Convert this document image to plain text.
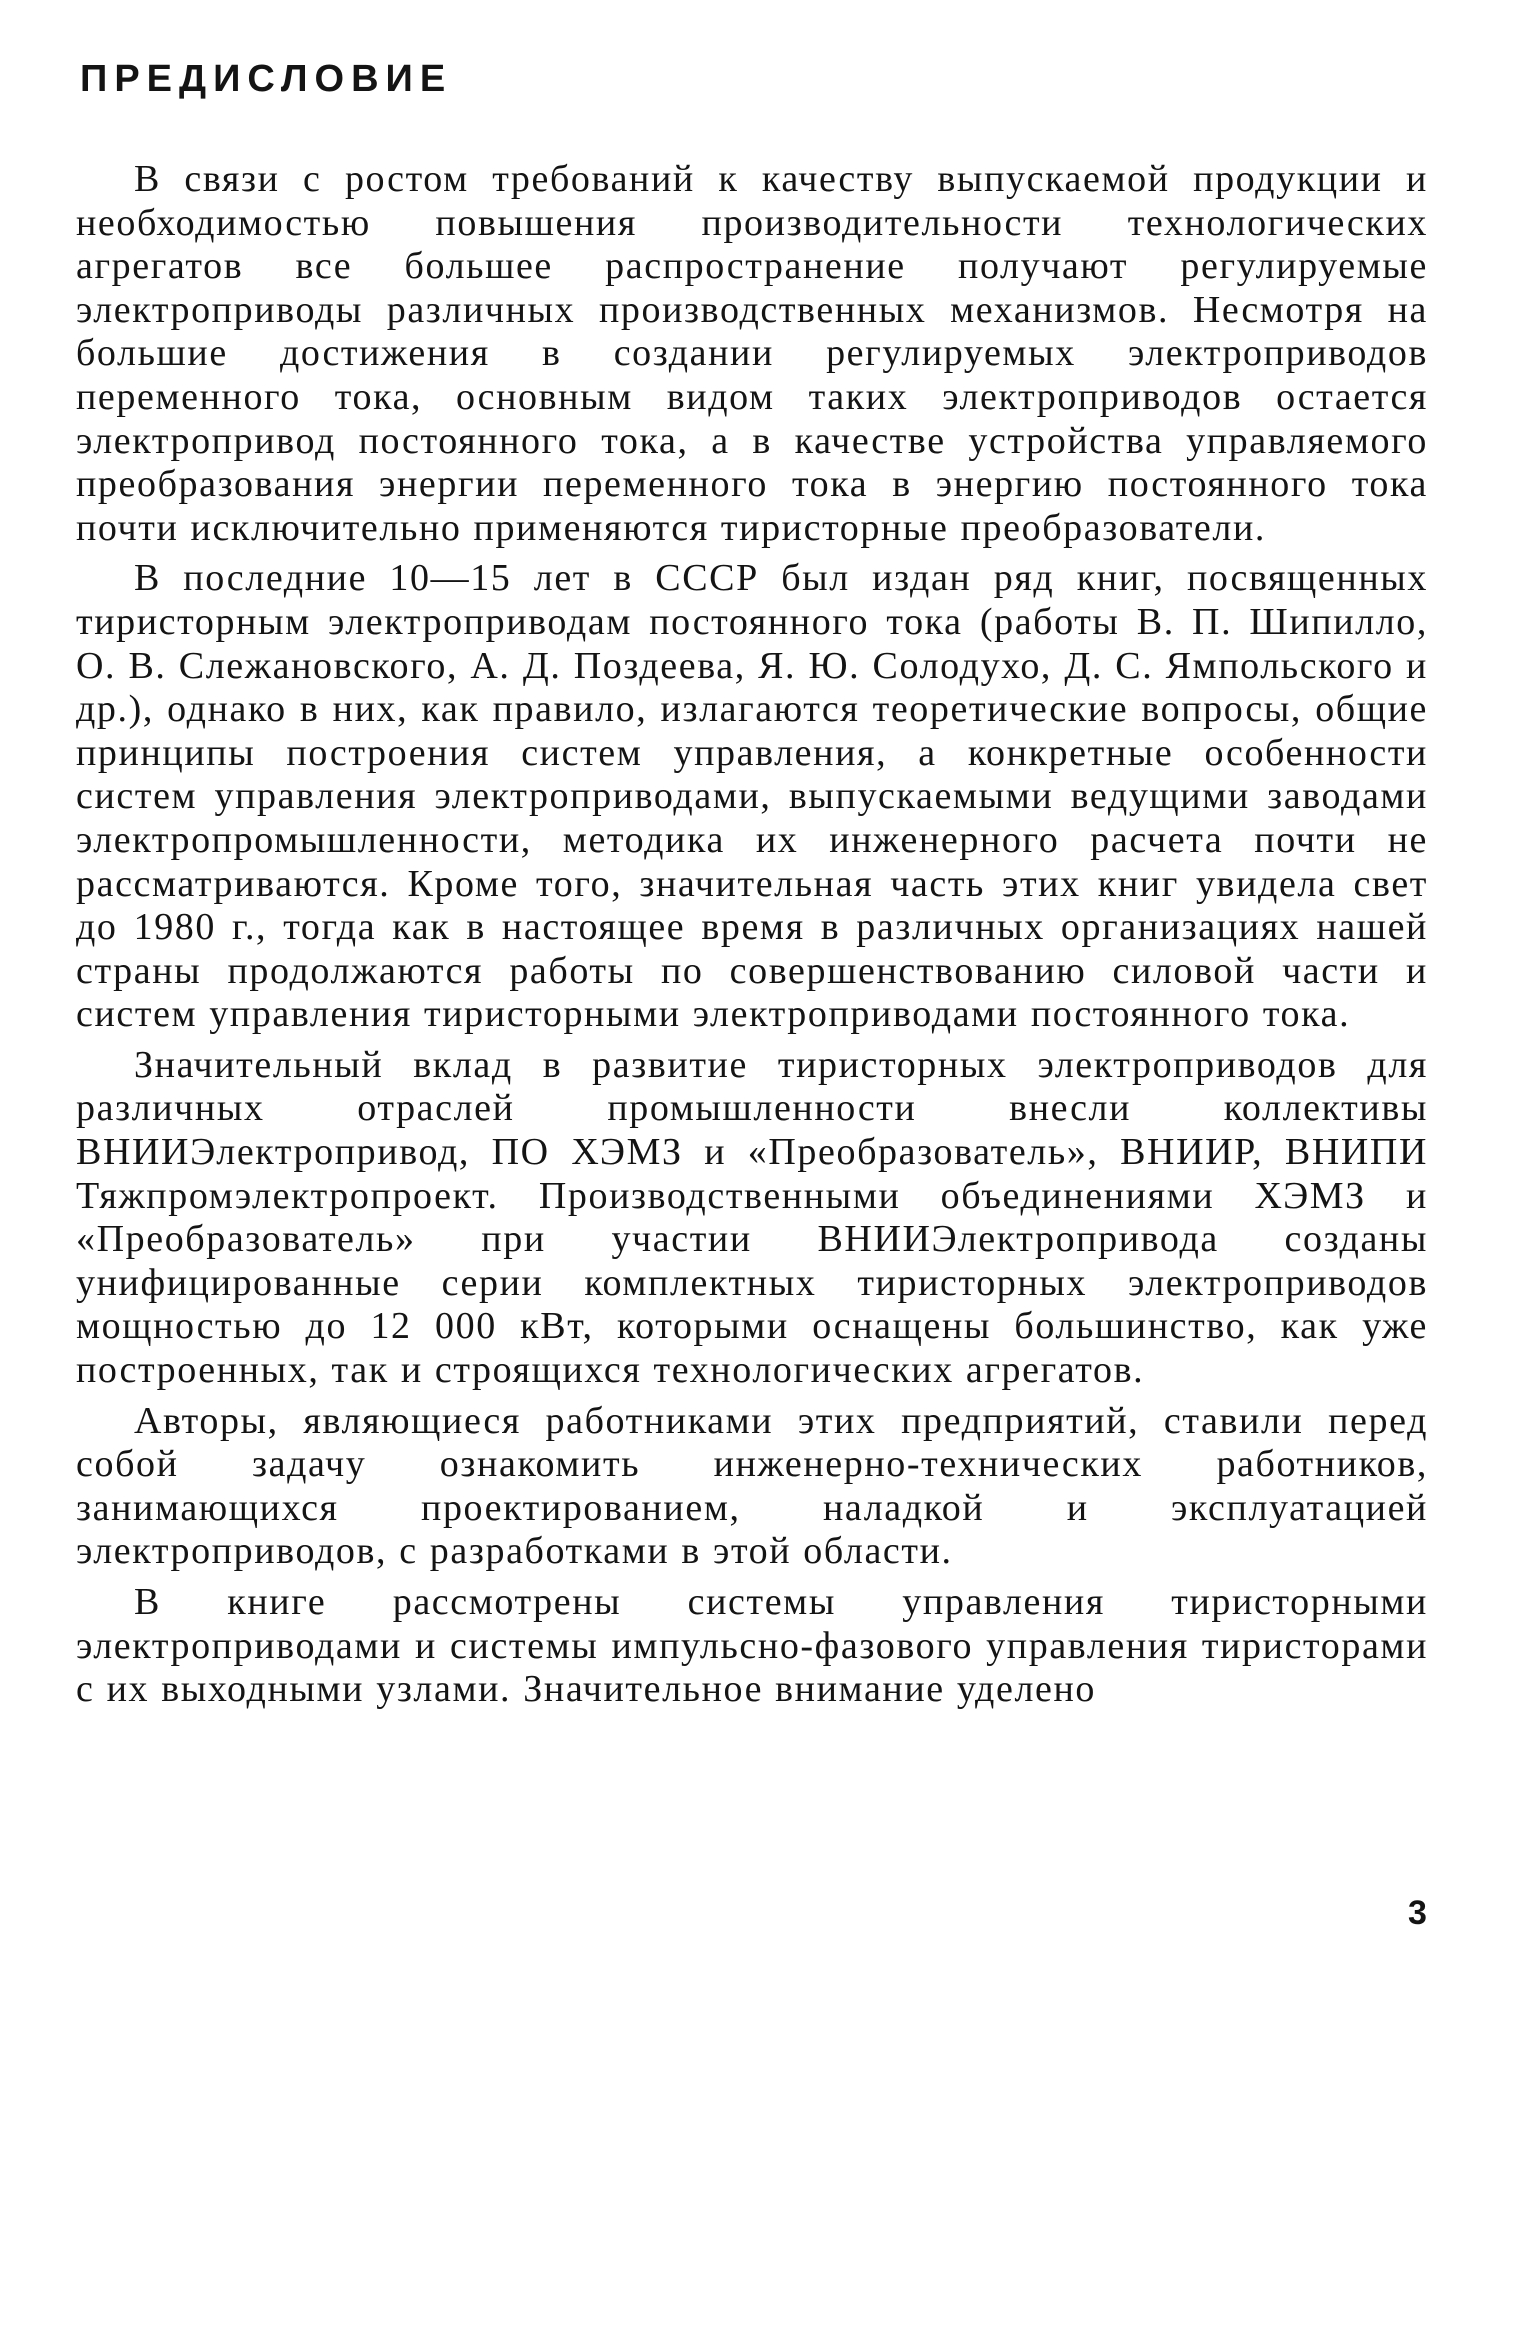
ПРЕДИСЛОВИЕ

В связи с ростом требований к качеству выпускаемой продукции и необходимостью повышения производительности технологических агрегатов все большее распространение получают регулируемые электроприводы различных производственных механизмов. Несмотря на большие достижения в создании регулируемых электроприводов переменного тока, основным видом таких электроприводов остается электропривод постоянного тока, а в качестве устройства управляемого преобразования энергии переменного тока в энергию постоянного тока почти исключительно применяются тиристорные преобразователи.

В последние 10—15 лет в СССР был издан ряд книг, посвященных тиристорным электроприводам постоянного тока (работы В. П. Шипилло, О. В. Слежановского, А. Д. Поздеева, Я. Ю. Солодухо, Д. С. Ямпольского и др.), однако в них, как правило, излагаются теоретические вопросы, общие принципы построения систем управления, а конкретные особенности систем управления электроприводами, выпускаемыми ведущими заводами электропромышленности, методика их инженерного расчета почти не рассматриваются. Кроме того, значительная часть этих книг увидела свет до 1980 г., тогда как в настоящее время в различных организациях нашей страны продолжаются работы по совершенствованию силовой части и систем управления тиристорными электроприводами постоянного тока.

Значительный вклад в развитие тиристорных электроприводов для различных отраслей промышленности внесли коллективы ВНИИЭлектропривод, ПО ХЭМЗ и «Преобразователь», ВНИИР, ВНИПИ Тяжпромэлектропроект. Производственными объединениями ХЭМЗ и «Преобразователь» при участии ВНИИЭлектропривода созданы унифицированные серии комплектных тиристорных электроприводов мощностью до 12 000 кВт, которыми оснащены большинство, как уже построенных, так и строящихся технологических агрегатов.

Авторы, являющиеся работниками этих предприятий, ставили перед собой задачу ознакомить инженерно-технических работников, занимающихся проектированием, наладкой и эксплуатацией электроприводов, с разработками в этой области.

В книге рассмотрены системы управления тиристорными электроприводами и системы импульсно-фазового управления тиристорами с их выходными узлами. Значительное внимание уделено

3
